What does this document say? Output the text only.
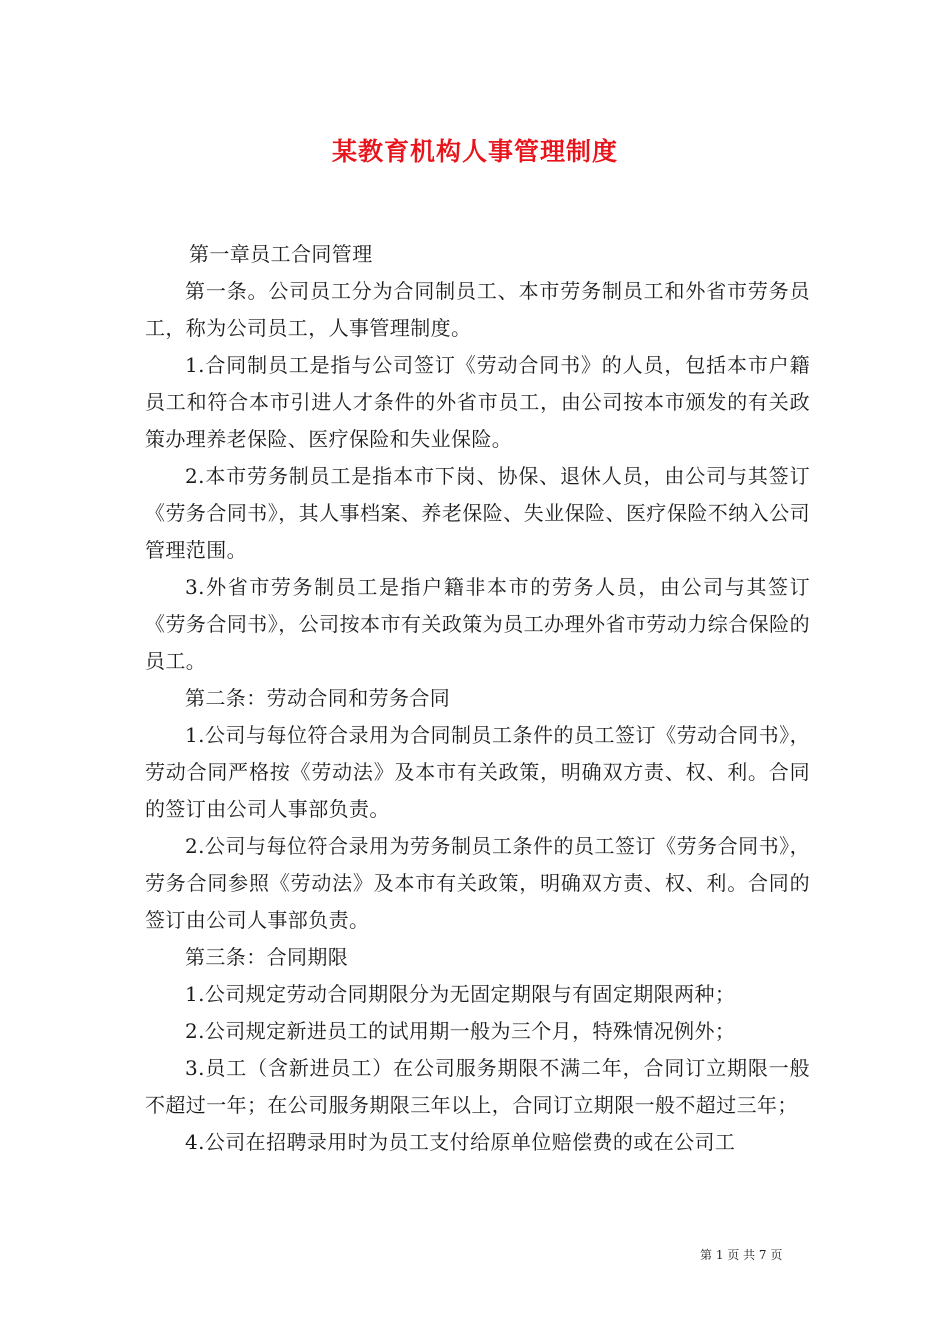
某教育机构人事管理制度

第一章员工合同管理

第一条。公司员工分为合同制员工、本市劳务制员工和外省市劳务员工，称为公司员工，人事管理制度。

1.合同制员工是指与公司签订《劳动合同书》的人员，包括本市户籍员工和符合本市引进人才条件的外省市员工，由公司按本市颁发的有关政策办理养老保险、医疗保险和失业保险。

2.本市劳务制员工是指本市下岗、协保、退休人员，由公司与其签订《劳务合同书》，其人事档案、养老保险、失业保险、医疗保险不纳入公司管理范围。

3.外省市劳务制员工是指户籍非本市的劳务人员，由公司与其签订《劳务合同书》，公司按本市有关政策为员工办理外省市劳动力综合保险的员工。

第二条：劳动合同和劳务合同

1.公司与每位符合录用为合同制员工条件的员工签订《劳动合同书》，劳动合同严格按《劳动法》及本市有关政策，明确双方责、权、利。合同的签订由公司人事部负责。

2.公司与每位符合录用为劳务制员工条件的员工签订《劳务合同书》，劳务合同参照《劳动法》及本市有关政策，明确双方责、权、利。合同的签订由公司人事部负责。

第三条：合同期限

1.公司规定劳动合同期限分为无固定期限与有固定期限两种；

2.公司规定新进员工的试用期一般为三个月，特殊情况例外；

3.员工（含新进员工）在公司服务期限不满二年，合同订立期限一般不超过一年；在公司服务期限三年以上，合同订立期限一般不超过三年；

4.公司在招聘录用时为员工支付给原单位赔偿费的或在公司工

第 1 页 共 7 页
